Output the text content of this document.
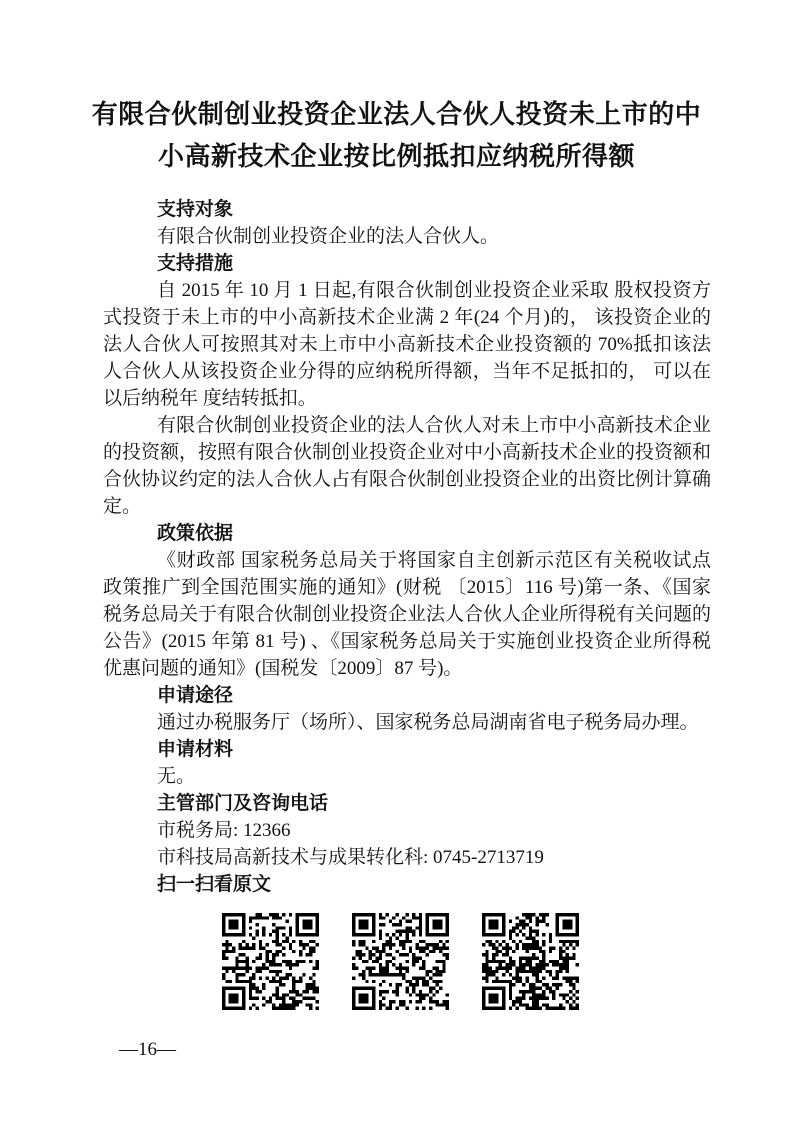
有限合伙制创业投资企业法人合伙人投资未上市的中
小高新技术企业按比例抵扣应纳税所得额
支持对象

有限合伙制创业投资企业的法人合伙人。

支持措施

自 2015 年 10 月 1 日起,有限合伙制创业投资企业采取 股权投资方式投资于未上市的中小高新技术企业满 2 年(24 个月)的， 该投资企业的法人合伙人可按照其对未上市中小高新技术企业投资额的 70%抵扣该法人合伙人从该投资企业分得的应纳税所得额，当年不足抵扣的， 可以在以后纳税年 度结转抵扣。

有限合伙制创业投资企业的法人合伙人对未上市中小高新技术企业的投资额，按照有限合伙制创业投资企业对中小高新技术企业的投资额和合伙协议约定的法人合伙人占有限合伙制创业投资企业的出资比例计算确定。

政策依据

《财政部 国家税务总局关于将国家自主创新示范区有关税收试点政策推广到全国范围实施的通知》(财税 〔2015〕116 号)第一条、《国家税务总局关于有限合伙制创业投资企业法人合伙人企业所得税有关问题的公告》(2015 年第 81 号) 、《国家税务总局关于实施创业投资企业所得税优惠问题的通知》(国税发〔2009〕87 号)。

申请途径

通过办税服务厅（场所）、国家税务总局湖南省电子税务局办理。

申请材料

无。

主管部门及咨询电话

市税务局: 12366

市科技局高新技术与成果转化科: 0745-2713719

扫一扫看原文
—16—
